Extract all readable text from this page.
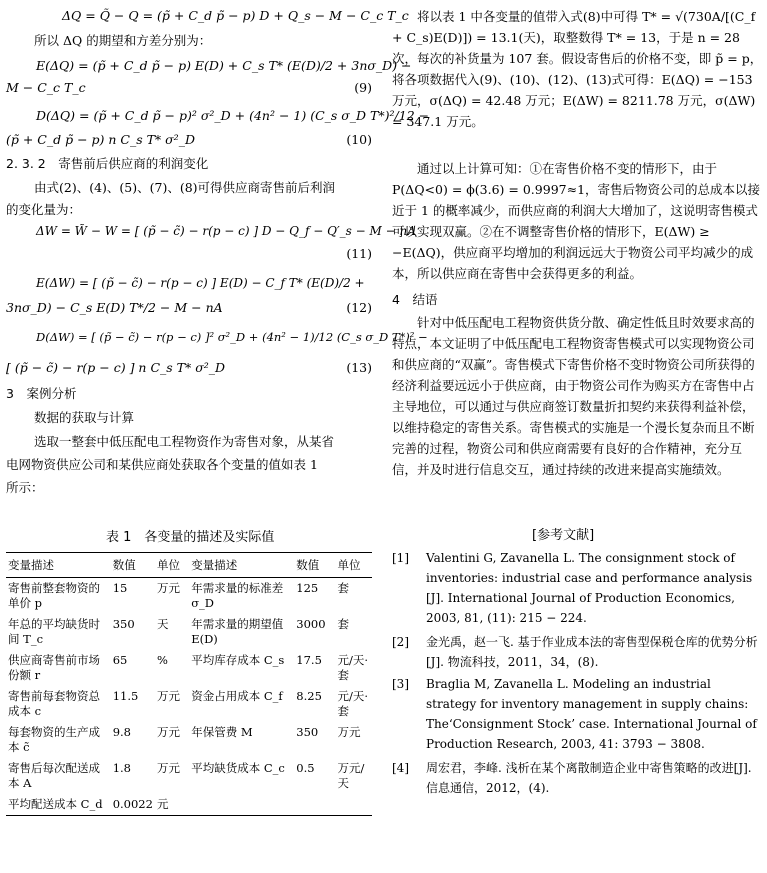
ΔQ = Q̃ − Q = (p̃ + C_d p̃ − p) D + Q_s − M − C_c T_c
所以 ΔQ 的期望和方差分别为：
E(ΔQ) = (p̃ + C_d p̃ − p) E(D) + C_s T* (E(D)/2 + 3nσ_D) −
M − C_c T_c	(9)
D(ΔQ) = (p̃ + C_d p̃ − p)² σ²_D + (4n² − 1) (C_s σ_D T*)²/12 −
(p̃ + C_d p̃ − p) n C_s T* σ²_D	(10)
2. 3. 2　寄售前后供应商的利润变化
由式(2)、(4)、(5)、(7)、(8)可得供应商寄售前后利润
的变化量为：
ΔW = W̃ − W = [ (p̃ − c̃) − r(p − c) ] D − Q_f − Q′_s − M − nA
(11)
E(ΔW) = [ (p̃ − c̃) − r(p − c) ] E(D) − C_f T* (E(D)/2 +
3nσ_D) − C_s E(D) T*/2 − M − nA	(12)
D(ΔW) = [ (p̃ − c̃) − r(p − c) ]² σ²_D + (4n² − 1)/12 (C_s σ_D T*)² −
[ (p̃ − c̃) − r(p − c) ] n C_s T* σ²_D	(13)
3　案例分析
数据的获取与计算
选取一整套中低压配电工程物资作为寄售对象，从某省
电网物资供应公司和某供应商处获取各个变量的值如表 1
所示：
表 1　各变量的描述及实际值
变量描述	数值	单位	变量描述	数值	单位
寄售前整套物资的单价 p	15	万元	年需求量的标准差 σ_D	125	套
年总的平均缺货时间 T_c	350	天	年需求量的期望值 E(D)	3000	套
供应商寄售前市场份额 r	65	%	平均库存成本 C_s	17.5	元/天·套
寄售前每套物资总成本 c	11.5	万元	资金占用成本 C_f	8.25	元/天·套
每套物资的生产成本 c̃	9.8	万元	年保管费 M	350	万元
寄售后每次配送成本 A	1.8	万元	平均缺货成本 C_c	0.5	万元/天
平均配送成本 C_d	0.0022	元			
将以表 1 中各变量的值带入式(8)中可得 T* = √(730A/[(C_f + C_s)E(D)]) = 13.1(天)，取整数得 T* = 13，于是 n = 28 次，每次的补货量为 107 套。假设寄售后的价格不变，即 p̃ = p，将各项数据代入(9)、(10)、(12)、(13)式可得：E(ΔQ) = −153 万元，σ(ΔQ) = 42.48 万元；E(ΔW) = 8211.78 万元，σ(ΔW) = 347.1 万元。
通过以上计算可知：①在寄售价格不变的情形下，由于 P(ΔQ<0) = ϕ(3.6) = 0.9997≈1，寄售后物资公司的总成本以接近于 1 的概率减少，而供应商的利润大大增加了，这说明寄售模式可以实现双赢。②在不调整寄售价格的情形下，E(ΔW) ≥ −E(ΔQ)，供应商平均增加的利润远远大于物资公司平均减少的成本，所以供应商在寄售中会获得更多的利益。
4　结语
针对中低压配电工程物资供货分散、确定性低且时效要求高的特点，本文证明了中低压配电工程物资寄售模式可以实现物资公司和供应商的“双赢”。寄售模式下寄售价格不变时物资公司所获得的经济利益要远远小于供应商，由于物资公司作为购买方在寄售中占主导地位，可以通过与供应商签订数量折扣契约来获得利益补偿，以维持稳定的寄售关系。寄售模式的实施是一个漫长复杂而且不断完善的过程，物资公司和供应商需要有良好的合作精神，充分互信，并及时进行信息交互，通过持续的改进来提高实施绩效。
[参考文献]
[1] Valentini G, Zavanella L. The consignment stock of inventories: industrial case and performance analysis [J]. International Journal of Production Economics, 2003, 81, (11): 215 − 224.
[2] 金光禹，赵一飞. 基于作业成本法的寄售型保税仓库的优势分析[J]. 物流科技，2011，34，(8).
[3] Braglia M, Zavanella L. Modeling an industrial strategy for inventory management in supply chains: The‘Consignment Stock’ case. International Journal of Production Research, 2003, 41: 3793 − 3808.
[4] 周宏君，李峰. 浅析在某个离散制造企业中寄售策略的改进[J]. 信息通信，2012，(4).
